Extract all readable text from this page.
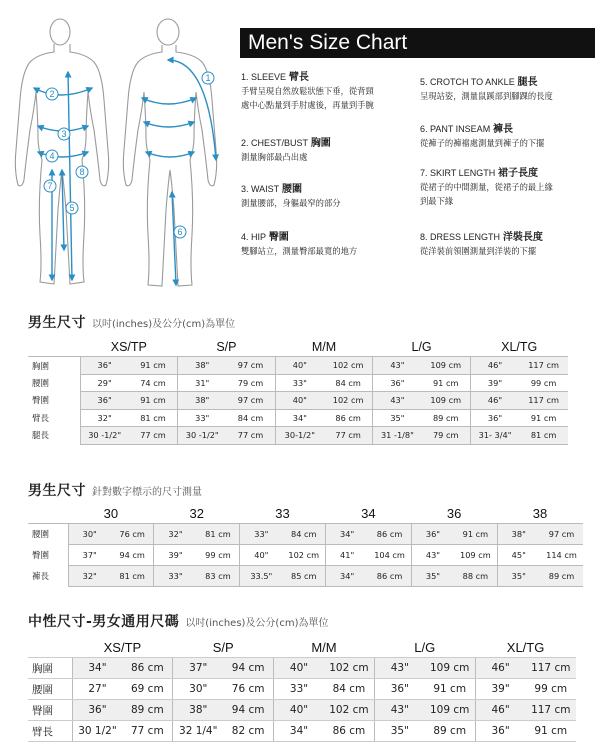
1
2
3
4
5
6
7
8
Men's Size Chart
1. SLEEVE 臂長
手臂呈現自然放鬆狀態下垂，從背頸
處中心點量到手肘處後，再量到手腕
2. CHEST/BUST 胸圍
測量胸部最凸出處
3. WAIST 腰圍
測量腰部，身軀最窄的部分
4. HIP 臀圍
雙腳站立，測量臀部最寬的地方
5. CROTCH TO ANKLE 腿長
呈現站姿，測量鼠蹊部到腳踝的長度
6. PANT INSEAM 褲長
從褲子的褲襠處測量到褲子的下擺
7. SKIRT LENGTH 裙子長度
從裙子的中間測量，從裙子的最上緣
到最下緣
8. DRESS LENGTH 洋裝長度
從洋裝前領圍測量到洋裝的下擺
男生尺寸 以吋(inches)及公分(cm)為單位
	XS/TP		S/P		M/M		L/G		XL/TG	
胸圍	36"	91 cm	38"	97 cm	40"	102 cm	43"	109 cm	46"	117 cm
腰圍	29"	74 cm	31"	79 cm	33"	84 cm	36"	91 cm	39"	99 cm
臀圍	36"	91 cm	38"	97 cm	40"	102 cm	43"	109 cm	46"	117 cm
臂長	32"	81 cm	33"	84 cm	34"	86 cm	35"	89 cm	36"	91 cm
腿長	30 -1/2"	77 cm	30 -1/2"	77 cm	30-1/2"	77 cm	31 -1/8"	79 cm	31- 3/4"	81 cm
男生尺寸 針對數字標示的尺寸測量
	30		32		33		34		36		38	
腰圍	30"	76 cm	32"	81 cm	33"	84 cm	34"	86 cm	36"	91 cm	38"	97 cm
臀圍	37"	94 cm	39"	99 cm	40"	102 cm	41"	104 cm	43"	109 cm	45"	114 cm
褲長	32"	81 cm	33"	83 cm	33.5"	85 cm	34"	86 cm	35"	88 cm	35"	89 cm
中性尺寸-男女通用尺碼 以吋(inches)及公分(cm)為單位
	XS/TP		S/P		M/M		L/G		XL/TG	
胸圍	34"	86 cm	37"	94 cm	40"	102 cm	43"	109 cm	46"	117 cm
腰圍	27"	69 cm	30"	76 cm	33"	84 cm	36"	91 cm	39"	99 cm
臀圍	36"	89 cm	38"	94 cm	40"	102 cm	43"	109 cm	46"	117 cm
臂長	30 1/2"	77 cm	32 1/4"	82 cm	34"	86 cm	35"	89 cm	36"	91 cm
